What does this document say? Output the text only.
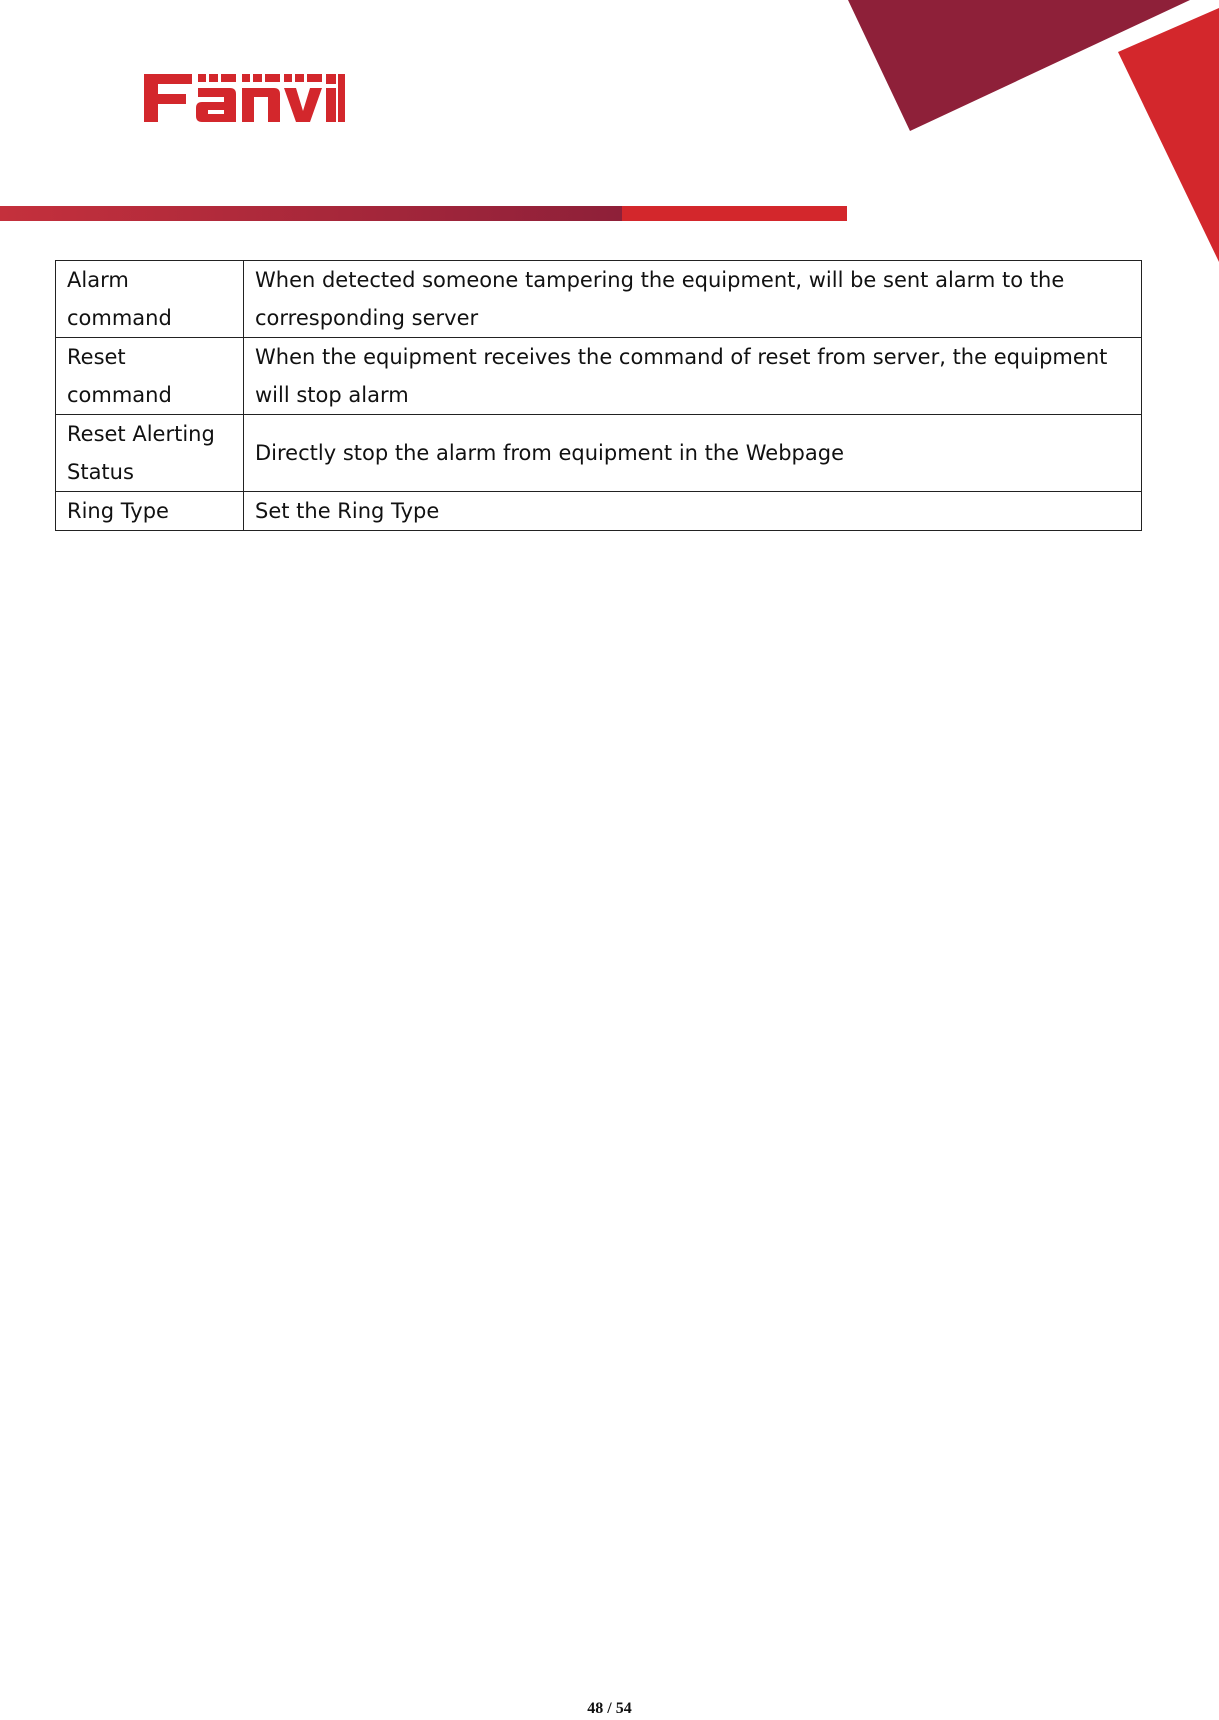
Alarm command	When detected someone tampering the equipment, will be sent alarm to the corresponding server
Reset command	When the equipment receives the command of reset from server, the equipment will stop alarm
Reset Alerting Status	Directly stop the alarm from equipment in the Webpage
Ring Type	Set the Ring Type
48 / 54
